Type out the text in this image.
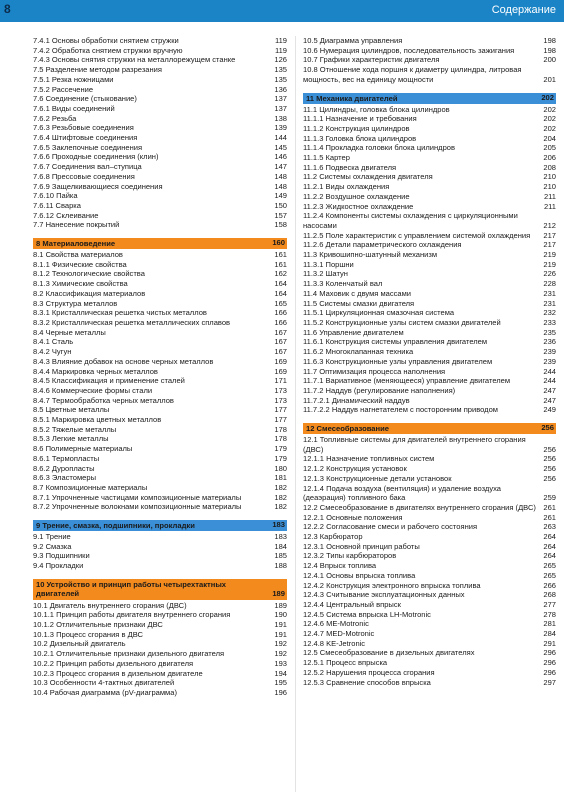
8	Содержание
7.4.1 Основы обработки снятием стружки	119
7.4.2 Обработка снятием стружки вручную	119
7.4.3 Основы снятия стружки на металлорежущем станке	126
7.5 Разделение методом разрезания	135
7.5.1 Резка ножницами	135
7.5.2 Рассечение	136
7.6 Соединение (стыкование)	137
7.6.1 Виды соединений	137
7.6.2 Резьба	138
7.6.3 Резьбовые соединения	139
7.6.4 Штифтовые соединения	144
7.6.5 Заклепочные соединения	145
7.6.6 Проходные соединения (клин)	146
7.6.7 Соединения вал–ступица	147
7.6.8 Прессовые соединения	148
7.6.9 Защелкивающиеся соединения	148
7.6.10 Пайка	149
7.6.11 Сварка	150
7.6.12 Склеивание	157
7.7 Нанесение покрытий	158
8 Материаловедение	160
8.1 Свойства материалов	161
8.1.1 Физические свойства	161
8.1.2 Технологические свойства	162
8.1.3 Химические свойства	164
8.2 Классификация материалов	164
8.3 Структура металлов	165
8.3.1 Кристаллическая решетка чистых металлов	166
8.3.2 Кристаллическая решетка металлических сплавов	166
8.4 Черные металлы	167
8.4.1 Сталь	167
8.4.2 Чугун	167
8.4.3 Влияние добавок на основе черных металлов	169
8.4.4 Маркировка черных металлов	169
8.4.5 Классификация и применение сталей	171
8.4.6 Коммерческие формы стали	173
8.4.7 Термообработка черных металлов	173
8.5 Цветные металлы	177
8.5.1 Маркировка цветных металлов	177
8.5.2 Тяжелые металлы	178
8.5.3 Легкие металлы	178
8.6 Полимерные материалы	179
8.6.1 Термопласты	179
8.6.2 Дуропласты	180
8.6.3 Эластомеры	181
8.7 Композиционные материалы	182
8.7.1 Упрочненные частицами композиционные материалы	182
8.7.2 Упрочненные волокнами композиционные материалы	182
9 Трение, смазка, подшипники, прокладки	183
9.1 Трение	183
9.2 Смазка	184
9.3 Подшипники	185
9.4 Прокладки	188
10 Устройство и принцип работы четырехтактных двигателей	189
10.1 Двигатель внутреннего сгорания (ДВС)	189
10.1.1 Принцип работы двигателя внутреннего сгорания	190
10.1.2 Отличительные признаки ДВС	191
10.1.3 Процесс сгорания в ДВС	191
10.2 Дизельный двигатель	192
10.2.1 Отличительные признаки дизельного двигателя	192
10.2.2 Принцип работы дизельного двигателя	193
10.2.3 Процесс сгорания в дизельном двигателе	194
10.3 Особенности 4-тактных двигателей	195
10.4 Рабочая диаграмма (pV-диаграмма)	196
10.5 Диаграмма управления	198
10.6 Нумерация цилиндров, последовательность зажигания	198
10.7 Графики характеристик двигателя	200
10.8 Отношение хода поршня к диаметру цилиндра, литровая мощность, вес на единицу мощности	201
11 Механика двигателей	202
11.1 Цилиндры, головка блока цилиндров	202
11.1.1 Назначение и требования	202
11.1.2 Конструкция цилиндров	202
11.1.3 Головка блока цилиндров	204
11.1.4 Прокладка головки блока цилиндров	205
11.1.5 Картер	206
11.1.6 Подвеска двигателя	208
11.2 Системы охлаждения двигателя	210
11.2.1 Виды охлаждения	210
11.2.2 Воздушное охлаждение	211
11.2.3 Жидкостное охлаждение	211
11.2.4 Компоненты системы охлаждения с циркуляционными насосами	212
11.2.5 Поле характеристик с управлением системой охлаждения 217
11.2.6 Детали параметрического охлаждения	217
11.3 Кривошипно-шатунный механизм	219
11.3.1 Поршни	219
11.3.2 Шатун	226
11.3.3 Коленчатый вал	228
11.4 Маховик с двумя массами	231
11.5 Системы смазки двигателя	231
11.5.1 Циркуляционная смазочная система	232
11.5.2 Конструкционные узлы систем смазки двигателей	233
11.6 Управление двигателем	235
11.6.1 Конструкция системы управления двигателем	236
11.6.2 Многоклапанная техника	239
11.6.3 Конструкционные узлы управления двигателем	239
11.7 Оптимизация процесса наполнения	244
11.7.1 Вариативное (меняющееся) управление двигателем	244
11.7.2 Наддув (регулирование наполнения)	247
11.7.2.1 Динамический наддув	247
11.7.2.2 Наддув нагнетателем с посторонним приводом	249
12 Смесеобразование	256
12.1 Топливные системы для двигателей внутреннего сгорания (ДВС)	256
12.1.1 Назначение топливных систем	256
12.1.2 Конструкция установок	256
12.1.3 Конструкционные детали установок	256
12.1.4 Подача воздуха (вентиляция) и удаление воздуха (деаэрация) топливного бака	259
12.2 Смесеобразование в двигателях внутреннего сгорания (ДВС) 261
12.2.1 Основные положения	261
12.2.2 Согласование смеси и рабочего состояния	263
12.3 Карбюратор	264
12.3.1 Основной принцип работы	264
12.3.2 Типы карбюраторов	264
12.4 Впрыск топлива	265
12.4.1 Основы впрыска топлива	265
12.4.2 Конструкция электронного впрыска топлива	266
12.4.3 Считывание эксплуатационных данных	268
12.4.4 Центральный впрыск	277
12.4.5 Система впрыска LH-Motronic	278
12.4.6 ME-Motronic	281
12.4.7 MED-Motronic	284
12.4.8 KE-Jetronic	291
12.5 Смесеобразование в дизельных двигателях	296
12.5.1 Процесс впрыска	296
12.5.2 Нарушения процесса сгорания	296
12.5.3 Сравнение способов впрыска	297
